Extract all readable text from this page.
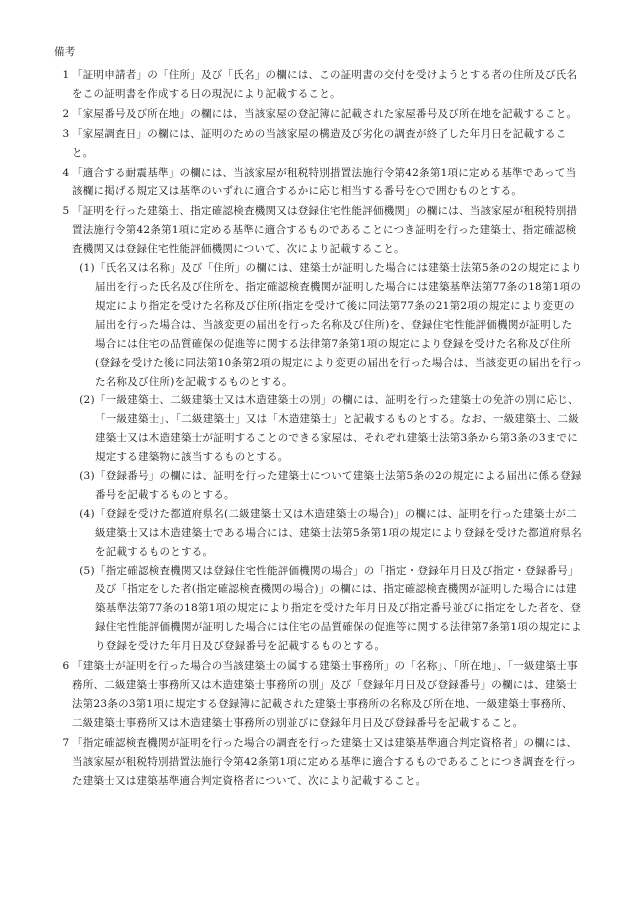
備考
1 「証明申請者」の「住所」及び「氏名」の欄には、この証明書の交付を受けようとする者の住所及び氏名をこの証明書を作成する日の現況により記載すること。
2 「家屋番号及び所在地」の欄には、当該家屋の登記簿に記載された家屋番号及び所在地を記載すること。
3 「家屋調査日」の欄には、証明のための当該家屋の構造及び劣化の調査が終了した年月日を記載すること。
4 「適合する耐震基準」の欄には、当該家屋が租税特別措置法施行令第42条第1項に定める基準であって当該欄に掲げる規定又は基準のいずれに適合するかに応じ相当する番号を○で囲むものとする。
5 「証明を行った建築士、指定確認検査機関又は登録住宅性能評価機関」の欄には、当該家屋が租税特別措置法施行令第42条第1項に定める基準に適合するものであることにつき証明を行った建築士、指定確認検査機関又は登録住宅性能評価機関について、次により記載すること。
(1) 「氏名又は名称」及び「住所」の欄には、建築士が証明した場合には建築士法第5条の2の規定により届出を行った氏名及び住所を、指定確認検査機関が証明した場合には建築基準法第77条の18第1項の規定により指定を受けた名称及び住所(指定を受けて後に同法第77条の21第2項の規定により変更の届出を行った場合は、当該変更の届出を行った名称及び住所)を、登録住宅性能評価機関が証明した場合には住宅の品質確保の促進等に関する法律第7条第1項の規定により登録を受けた名称及び住所(登録を受けた後に同法第10条第2項の規定により変更の届出を行った場合は、当該変更の届出を行った名称及び住所)を記載するものとする。
(2) 「一級建築士、二級建築士又は木造建築士の別」の欄には、証明を行った建築士の免許の別に応じ、「一級建築士」、「二級建築士」又は「木造建築士」と記載するものとする。なお、一級建築士、二級建築士又は木造建築士が証明することのできる家屋は、それぞれ建築士法第3条から第3条の3までに規定する建築物に該当するものとする。
(3) 「登録番号」の欄には、証明を行った建築士について建築士法第5条の2の規定による届出に係る登録番号を記載するものとする。
(4) 「登録を受けた都道府県名(二級建築士又は木造建築士の場合)」の欄には、証明を行った建築士が二級建築士又は木造建築士である場合には、建築士法第5条第1項の規定により登録を受けた都道府県名を記載するものとする。
(5) 「指定確認検査機関又は登録住宅性能評価機関の場合」の「指定・登録年月日及び指定・登録番号」及び「指定をした者(指定確認検査機関の場合)」の欄には、指定確認検査機関が証明した場合には建築基準法第77条の18第1項の規定により指定を受けた年月日及び指定番号並びに指定をした者を、登録住宅性能評価機関が証明した場合には住宅の品質確保の促進等に関する法律第7条第1項の規定により登録を受けた年月日及び登録番号を記載するものとする。
6 「建築士が証明を行った場合の当該建築士の属する建築士事務所」の「名称」、「所在地」、「一級建築士事務所、二級建築士事務所又は木造建築士事務所の別」及び「登録年月日及び登録番号」の欄には、建築士法第23条の3第1項に規定する登録簿に記載された建築士事務所の名称及び所在地、一級建築士事務所、二級建築士事務所又は木造建築士事務所の別並びに登録年月日及び登録番号を記載すること。
7 「指定確認検査機関が証明を行った場合の調査を行った建築士又は建築基準適合判定資格者」の欄には、当該家屋が租税特別措置法施行令第42条第1項に定める基準に適合するものであることにつき調査を行った建築士又は建築基準適合判定資格者について、次により記載すること。
